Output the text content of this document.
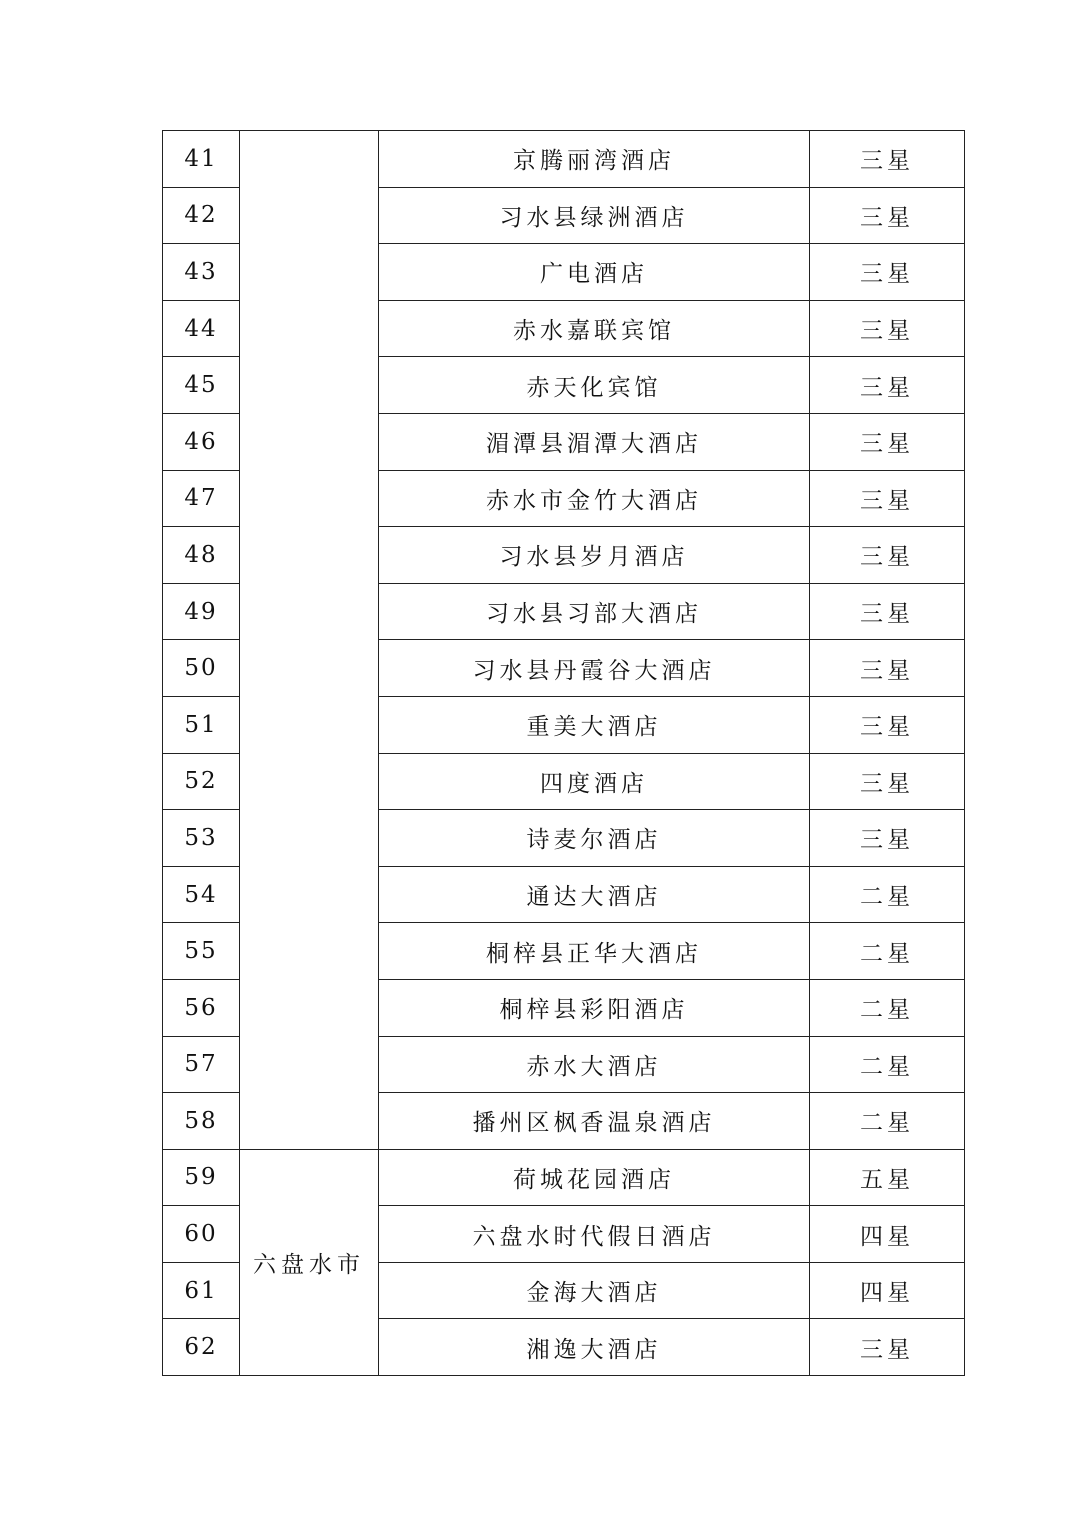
41		京腾丽湾酒店	三星
42		习水县绿洲酒店	三星
43		广电酒店	三星
44		赤水嘉联宾馆	三星
45		赤天化宾馆	三星
46		湄潭县湄潭大酒店	三星
47		赤水市金竹大酒店	三星
48		习水县岁月酒店	三星
49		习水县习部大酒店	三星
50		习水县丹霞谷大酒店	三星
51		重美大酒店	三星
52		四度酒店	三星
53		诗麦尔酒店	三星
54		通达大酒店	二星
55		桐梓县正华大酒店	二星
56		桐梓县彩阳酒店	二星
57		赤水大酒店	二星
58		播州区枫香温泉酒店	二星
59	六盘水市	荷城花园酒店	五星
60		六盘水时代假日酒店	四星
61		金海大酒店	四星
62		湘逸大酒店	三星
